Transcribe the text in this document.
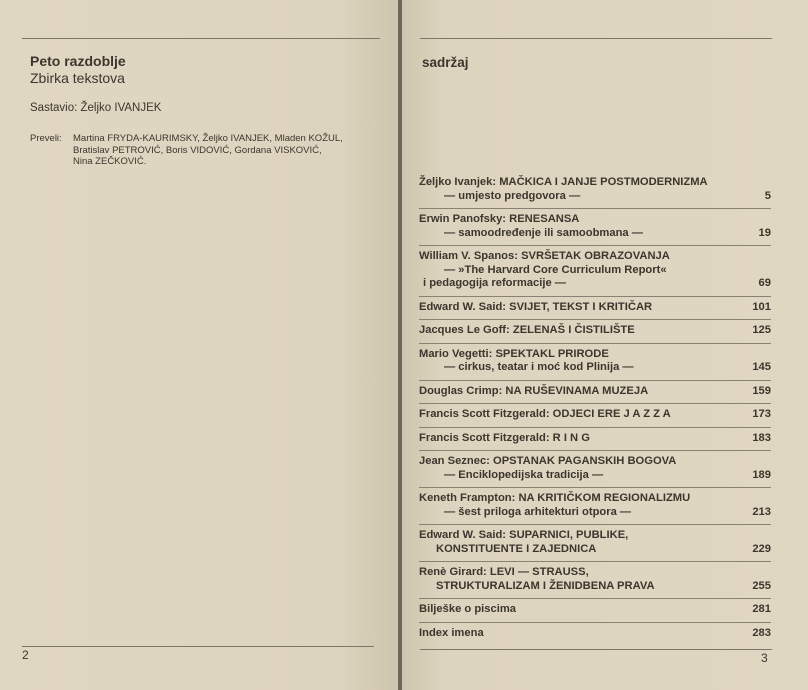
Peto razdoblje
Zbirka tekstova
Sastavio: Željko IVANJEK
Preveli: Martina FRYDA-KAURIMSKY, Željko IVANJEK, Mladen KOŽUL,
Bratislav PETROVIĆ, Boris VIDOVIĆ, Gordana VISKOVIĆ,
Nina ZEČKOVIĆ.
2
sadržaj
Željko Ivanjek: MAČKICA I JANJE POSTMODERNIZMA
— umjesto predgovora —	5
Erwin Panofsky: RENESANSA
— samoodređenje ili samoobmana —	19
William V. Spanos: SVRŠETAK OBRAZOVANJA
— »The Harvard Core Curriculum Report«
i pedagogija reformacije —	69
Edward W. Said: SVIJET, TEKST I KRITIČAR	101
Jacques Le Goff: ZELENAŠ I ČISTILIŠTE	125
Mario Vegetti: SPEKTAKL PRIRODE
— cirkus, teatar i moć kod Plinija —	145
Douglas Crimp: NA RUŠEVINAMA MUZEJA	159
Francis Scott Fitzgerald: ODJECI ERE J A Z Z A	173
Francis Scott Fitzgerald: R I N G	183
Jean Seznec: OPSTANAK PAGANSKIH BOGOVA
— Enciklopedijska tradicija —	189
Keneth Frampton: NA KRITIČKOM REGIONALIZMU
— šest priloga arhitekturi otpora —	213
Edward W. Said: SUPARNICI, PUBLIKE,
KONSTITUENTE I ZAJEDNICA	229
Renè Girard: LEVI — STRAUSS,
STRUKTURALIZAM I ŽENIDBENA PRAVA	255
Bilješke o piscima	281
Index imena	283
3
